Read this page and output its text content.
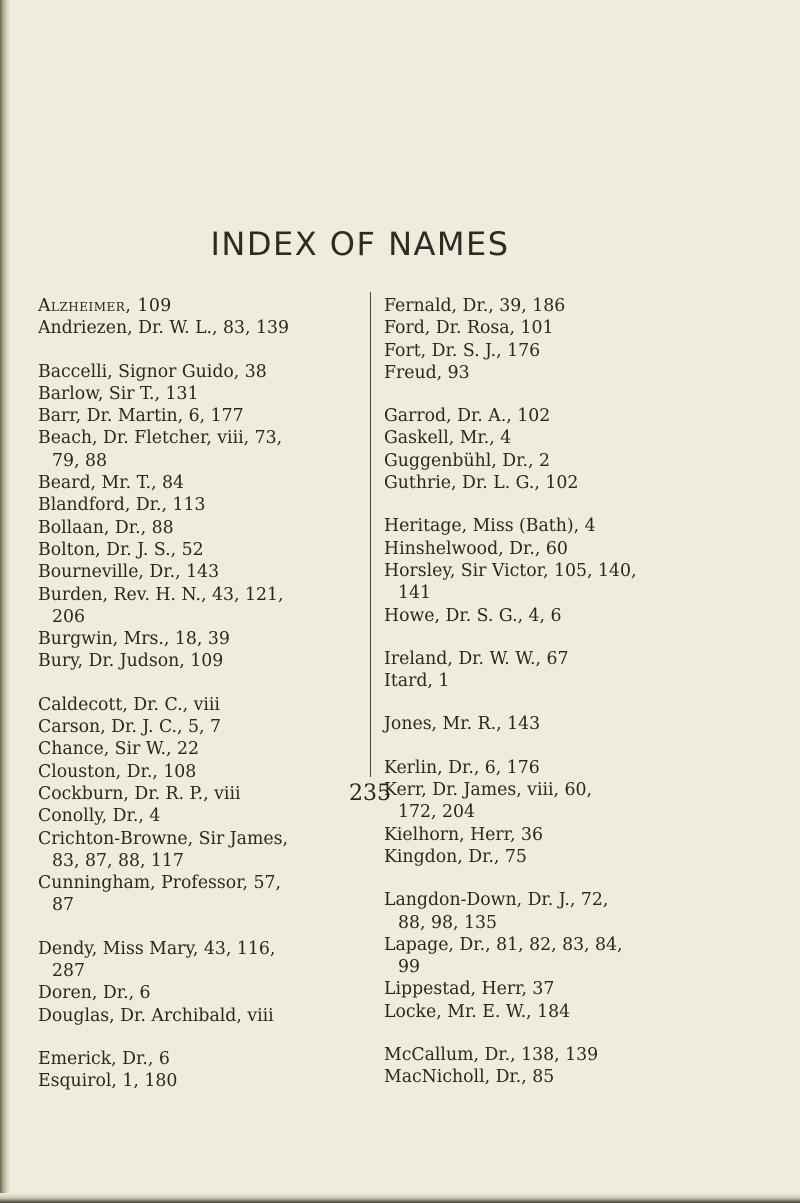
INDEX OF NAMES
Alzheimer, 109
Andriezen, Dr. W. L., 83, 139
Baccelli, Signor Guido, 38
Barlow, Sir T., 131
Barr, Dr. Martin, 6, 177
Beach, Dr. Fletcher, viii, 73,
79, 88
Beard, Mr. T., 84
Blandford, Dr., 113
Bollaan, Dr., 88
Bolton, Dr. J. S., 52
Bourneville, Dr., 143
Burden, Rev. H. N., 43, 121,
206
Burgwin, Mrs., 18, 39
Bury, Dr. Judson, 109
Caldecott, Dr. C., viii
Carson, Dr. J. C., 5, 7
Chance, Sir W., 22
Clouston, Dr., 108
Cockburn, Dr. R. P., viii
Conolly, Dr., 4
Crichton-Browne, Sir James,
83, 87, 88, 117
Cunningham, Professor, 57,
87
Dendy, Miss Mary, 43, 116,
287
Doren, Dr., 6
Douglas, Dr. Archibald, viii
Emerick, Dr., 6
Esquirol, 1, 180
Fernald, Dr., 39, 186
Ford, Dr. Rosa, 101
Fort, Dr. S. J., 176
Freud, 93
Garrod, Dr. A., 102
Gaskell, Mr., 4
Guggenbühl, Dr., 2
Guthrie, Dr. L. G., 102
Heritage, Miss (Bath), 4
Hinshelwood, Dr., 60
Horsley, Sir Victor, 105, 140,
141
Howe, Dr. S. G., 4, 6
Ireland, Dr. W. W., 67
Itard, 1
Jones, Mr. R., 143
Kerlin, Dr., 6, 176
Kerr, Dr. James, viii, 60,
172, 204
Kielhorn, Herr, 36
Kingdon, Dr., 75
Langdon-Down, Dr. J., 72,
88, 98, 135
Lapage, Dr., 81, 82, 83, 84,
99
Lippestad, Herr, 37
Locke, Mr. E. W., 184
McCallum, Dr., 138, 139
MacNicholl, Dr., 85
235
